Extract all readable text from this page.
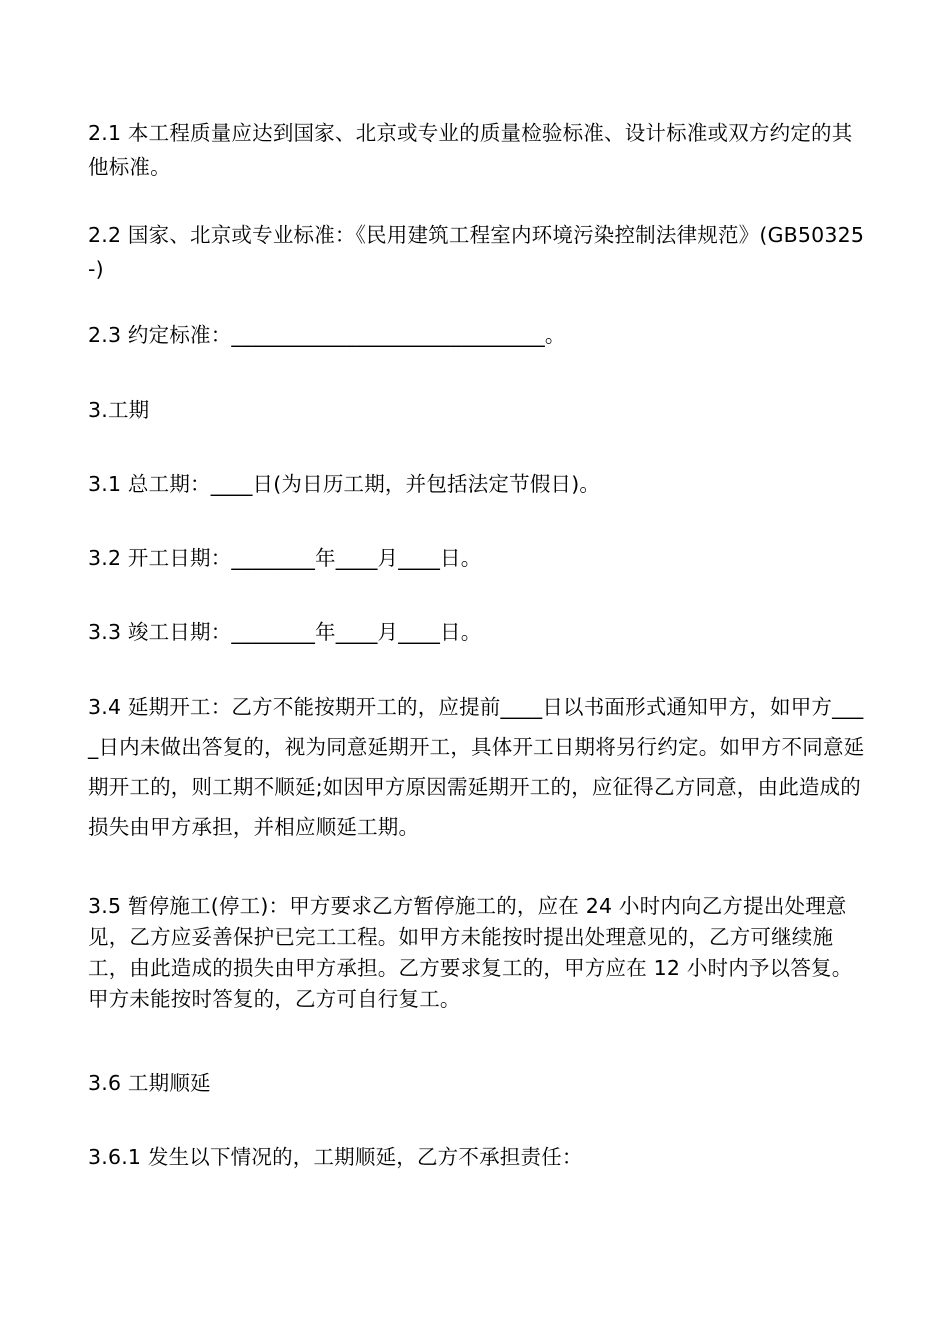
2.1 本工程质量应达到国家、北京或专业的质量检验标准、设计标准或双方约定的其他标准。

2.2 国家、北京或专业标准：《民用建筑工程室内环境污染控制法律规范》(GB50325-)

2.3 约定标准：______________________________。

3.工期

3.1 总工期：____日(为日历工期，并包括法定节假日)。

3.2 开工日期：________年____月____日。

3.3 竣工日期：________年____月____日。

3.4 延期开工：乙方不能按期开工的，应提前____日以书面形式通知甲方，如甲方____日内未做出答复的，视为同意延期开工，具体开工日期将另行约定。如甲方不同意延期开工的，则工期不顺延;如因甲方原因需延期开工的，应征得乙方同意，由此造成的损失由甲方承担，并相应顺延工期。

3.5 暂停施工(停工)：甲方要求乙方暂停施工的，应在 24 小时内向乙方提出处理意见，乙方应妥善保护已完工工程。如甲方未能按时提出处理意见的，乙方可继续施工，由此造成的损失由甲方承担。乙方要求复工的，甲方应在 12 小时内予以答复。甲方未能按时答复的，乙方可自行复工。

3.6 工期顺延

3.6.1 发生以下情况的，工期顺延，乙方不承担责任：
